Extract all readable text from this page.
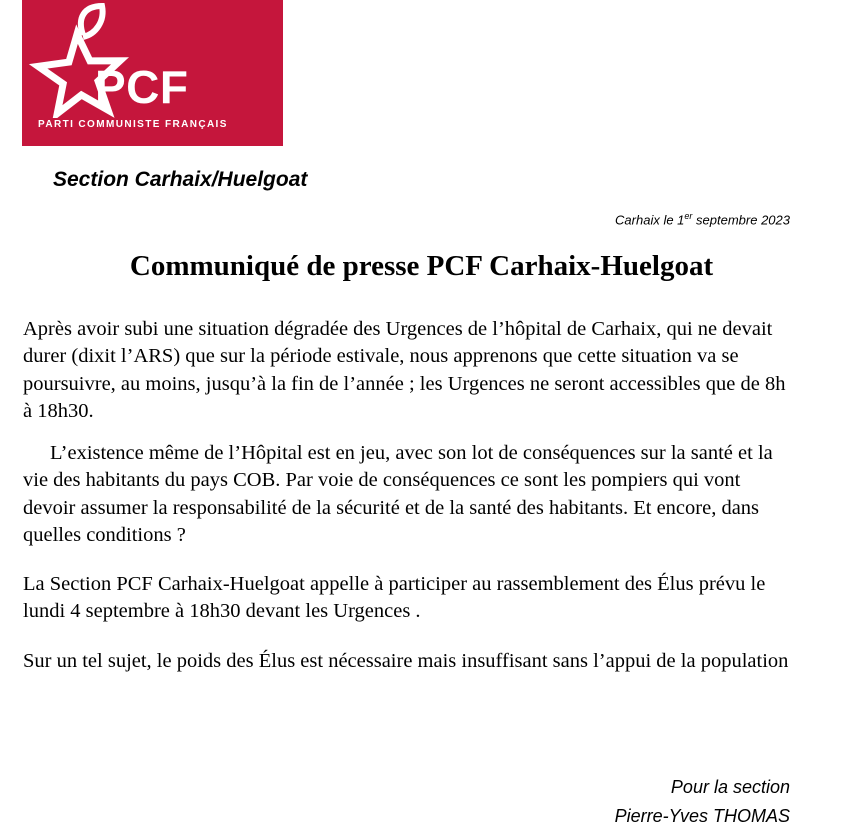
PCF
PARTI COMMUNISTE FRANÇAIS
Section Carhaix/Huelgoat
Carhaix le 1er septembre 2023
Communiqué de presse PCF Carhaix-Huelgoat

Après avoir subi une situation dégradée des Urgences de l’hôpital de Carhaix, qui ne devait durer (dixit l’ARS) que sur la période estivale, nous apprenons que cette situation va se poursuivre, au moins, jusqu’à la fin de l’année ; les Urgences ne seront accessibles que de 8h à 18h30.

L’existence même de l’Hôpital est en jeu, avec son lot de conséquences sur la santé et la vie des habitants du pays COB. Par voie de conséquences ce sont les pompiers qui vont devoir assumer la responsabilité de la sécurité et de la santé des habitants. Et encore, dans quelles conditions ?

La Section PCF Carhaix-Huelgoat appelle à participer au rassemblement des Élus prévu le lundi 4 septembre à 18h30 devant les Urgences .

Sur un tel sujet, le poids des Élus est nécessaire mais insuffisant sans l’appui de la population

Pour la section
Pierre-Yves THOMAS
